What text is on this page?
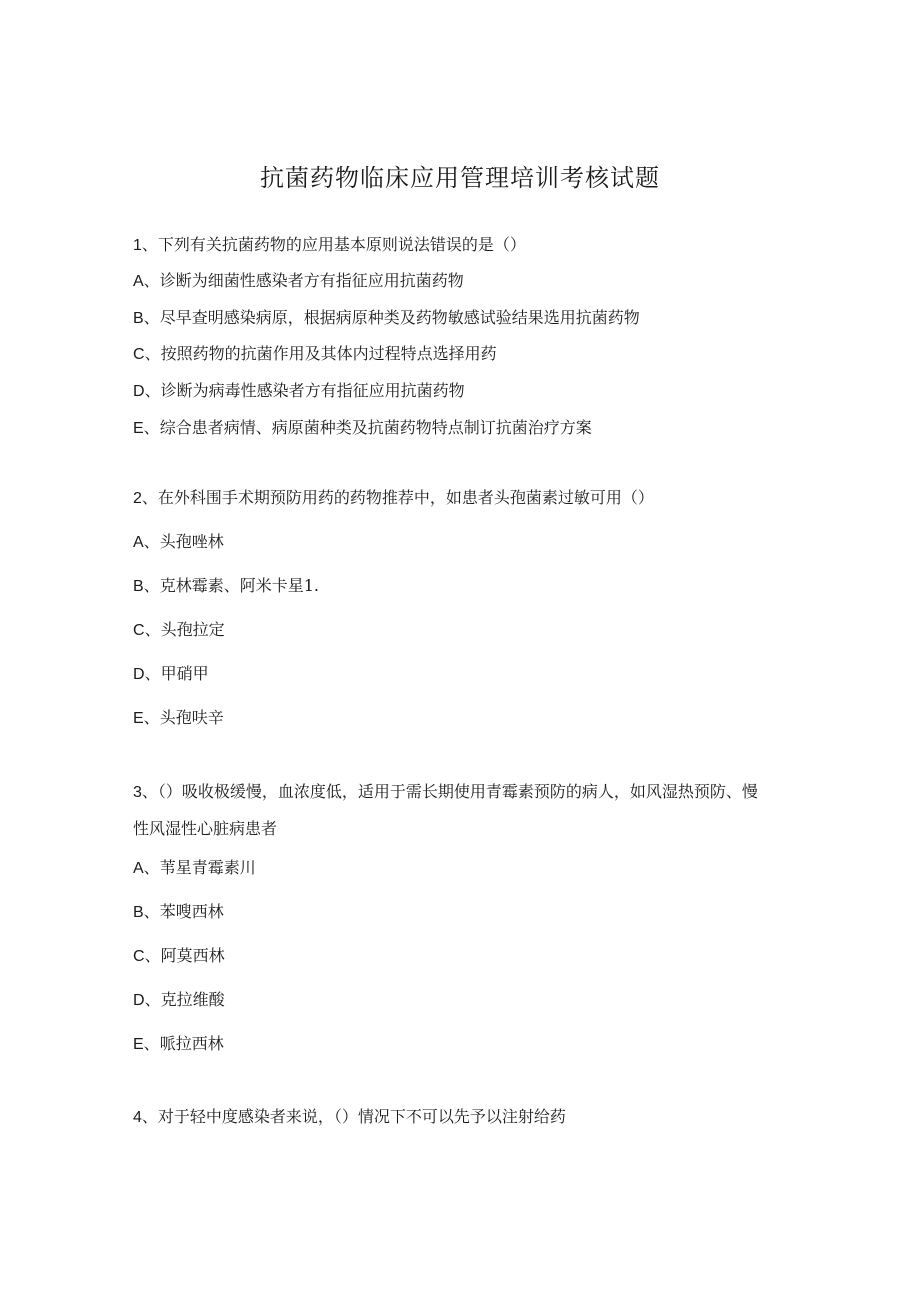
抗菌药物临床应用管理培训考核试题
1、下列有关抗菌药物的应用基本原则说法错误的是（）
A、诊断为细菌性感染者方有指征应用抗菌药物
B、尽早查明感染病原，根据病原种类及药物敏感试验结果选用抗菌药物
C、按照药物的抗菌作用及其体内过程特点选择用药
D、诊断为病毒性感染者方有指征应用抗菌药物
E、综合患者病情、病原菌种类及抗菌药物特点制订抗菌治疗方案
2、在外科围手术期预防用药的药物推荐中，如患者头孢菌素过敏可用（）
A、头孢唑林
B、克林霉素、阿米卡星1.
C、头孢拉定
D、甲硝甲
E、头孢呋辛
3、（）吸收极缓慢，血浓度低，适用于需长期使用青霉素预防的病人，如风湿热预防、慢性风湿性心脏病患者
A、苇星青霉素川
B、苯嗖西林
C、阿莫西林
D、克拉维酸
E、哌拉西林
4、对于轻中度感染者来说，（）情况下不可以先予以注射给药
